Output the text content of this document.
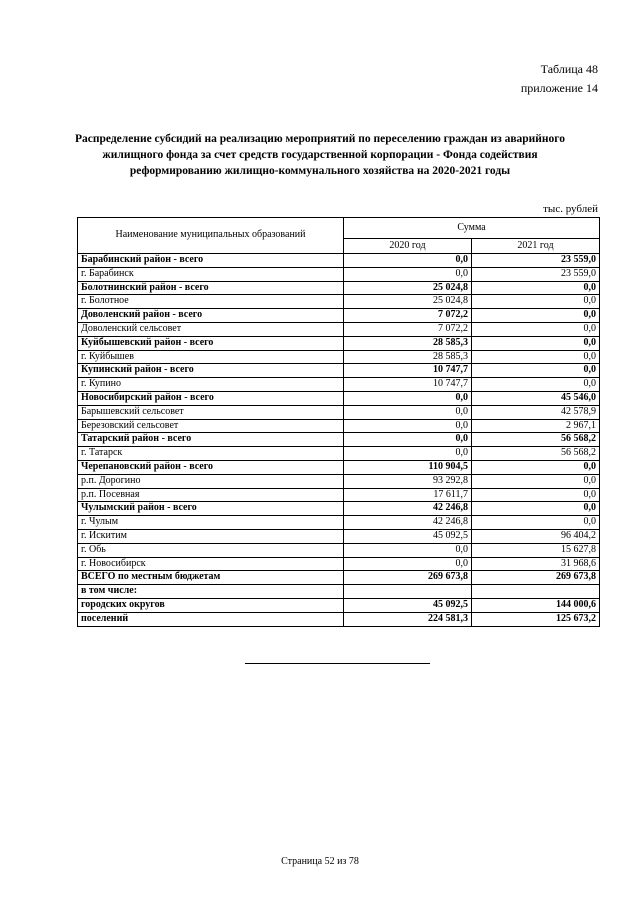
Таблица 48
приложение 14
Распределение субсидий на реализацию мероприятий по переселению граждан из аварийного жилищного фонда за счет средств государственной корпорации - Фонда содействия реформированию жилищно-коммунального хозяйства на 2020-2021 годы
тыс. рублей
Наименование муниципальных образований	Сумма	
	2020 год	2021 год
Барабинский район - всего	0,0	23 559,0
г. Барабинск	0,0	23 559,0
Болотнинский район - всего	25 024,8	0,0
г. Болотное	25 024,8	0,0
Доволенский район - всего	7 072,2	0,0
Доволенский сельсовет	7 072,2	0,0
Куйбышевский район - всего	28 585,3	0,0
г. Куйбышев	28 585,3	0,0
Купинский район - всего	10 747,7	0,0
г. Купино	10 747,7	0,0
Новосибирский район - всего	0,0	45 546,0
Барышевский сельсовет	0,0	42 578,9
Березовский сельсовет	0,0	2 967,1
Татарский район - всего	0,0	56 568,2
г. Татарск	0,0	56 568,2
Черепановский район - всего	110 904,5	0,0
р.п. Дорогино	93 292,8	0,0
р.п. Посевная	17 611,7	0,0
Чулымский район - всего	42 246,8	0,0
г. Чулым	42 246,8	0,0
г. Искитим	45 092,5	96 404,2
г. Обь	0,0	15 627,8
г. Новосибирск	0,0	31 968,6
ВСЕГО по местным бюджетам	269 673,8	269 673,8
в том числе:		
городских округов	45 092,5	144 000,6
поселений	224 581,3	125 673,2
Страница 52 из 78
